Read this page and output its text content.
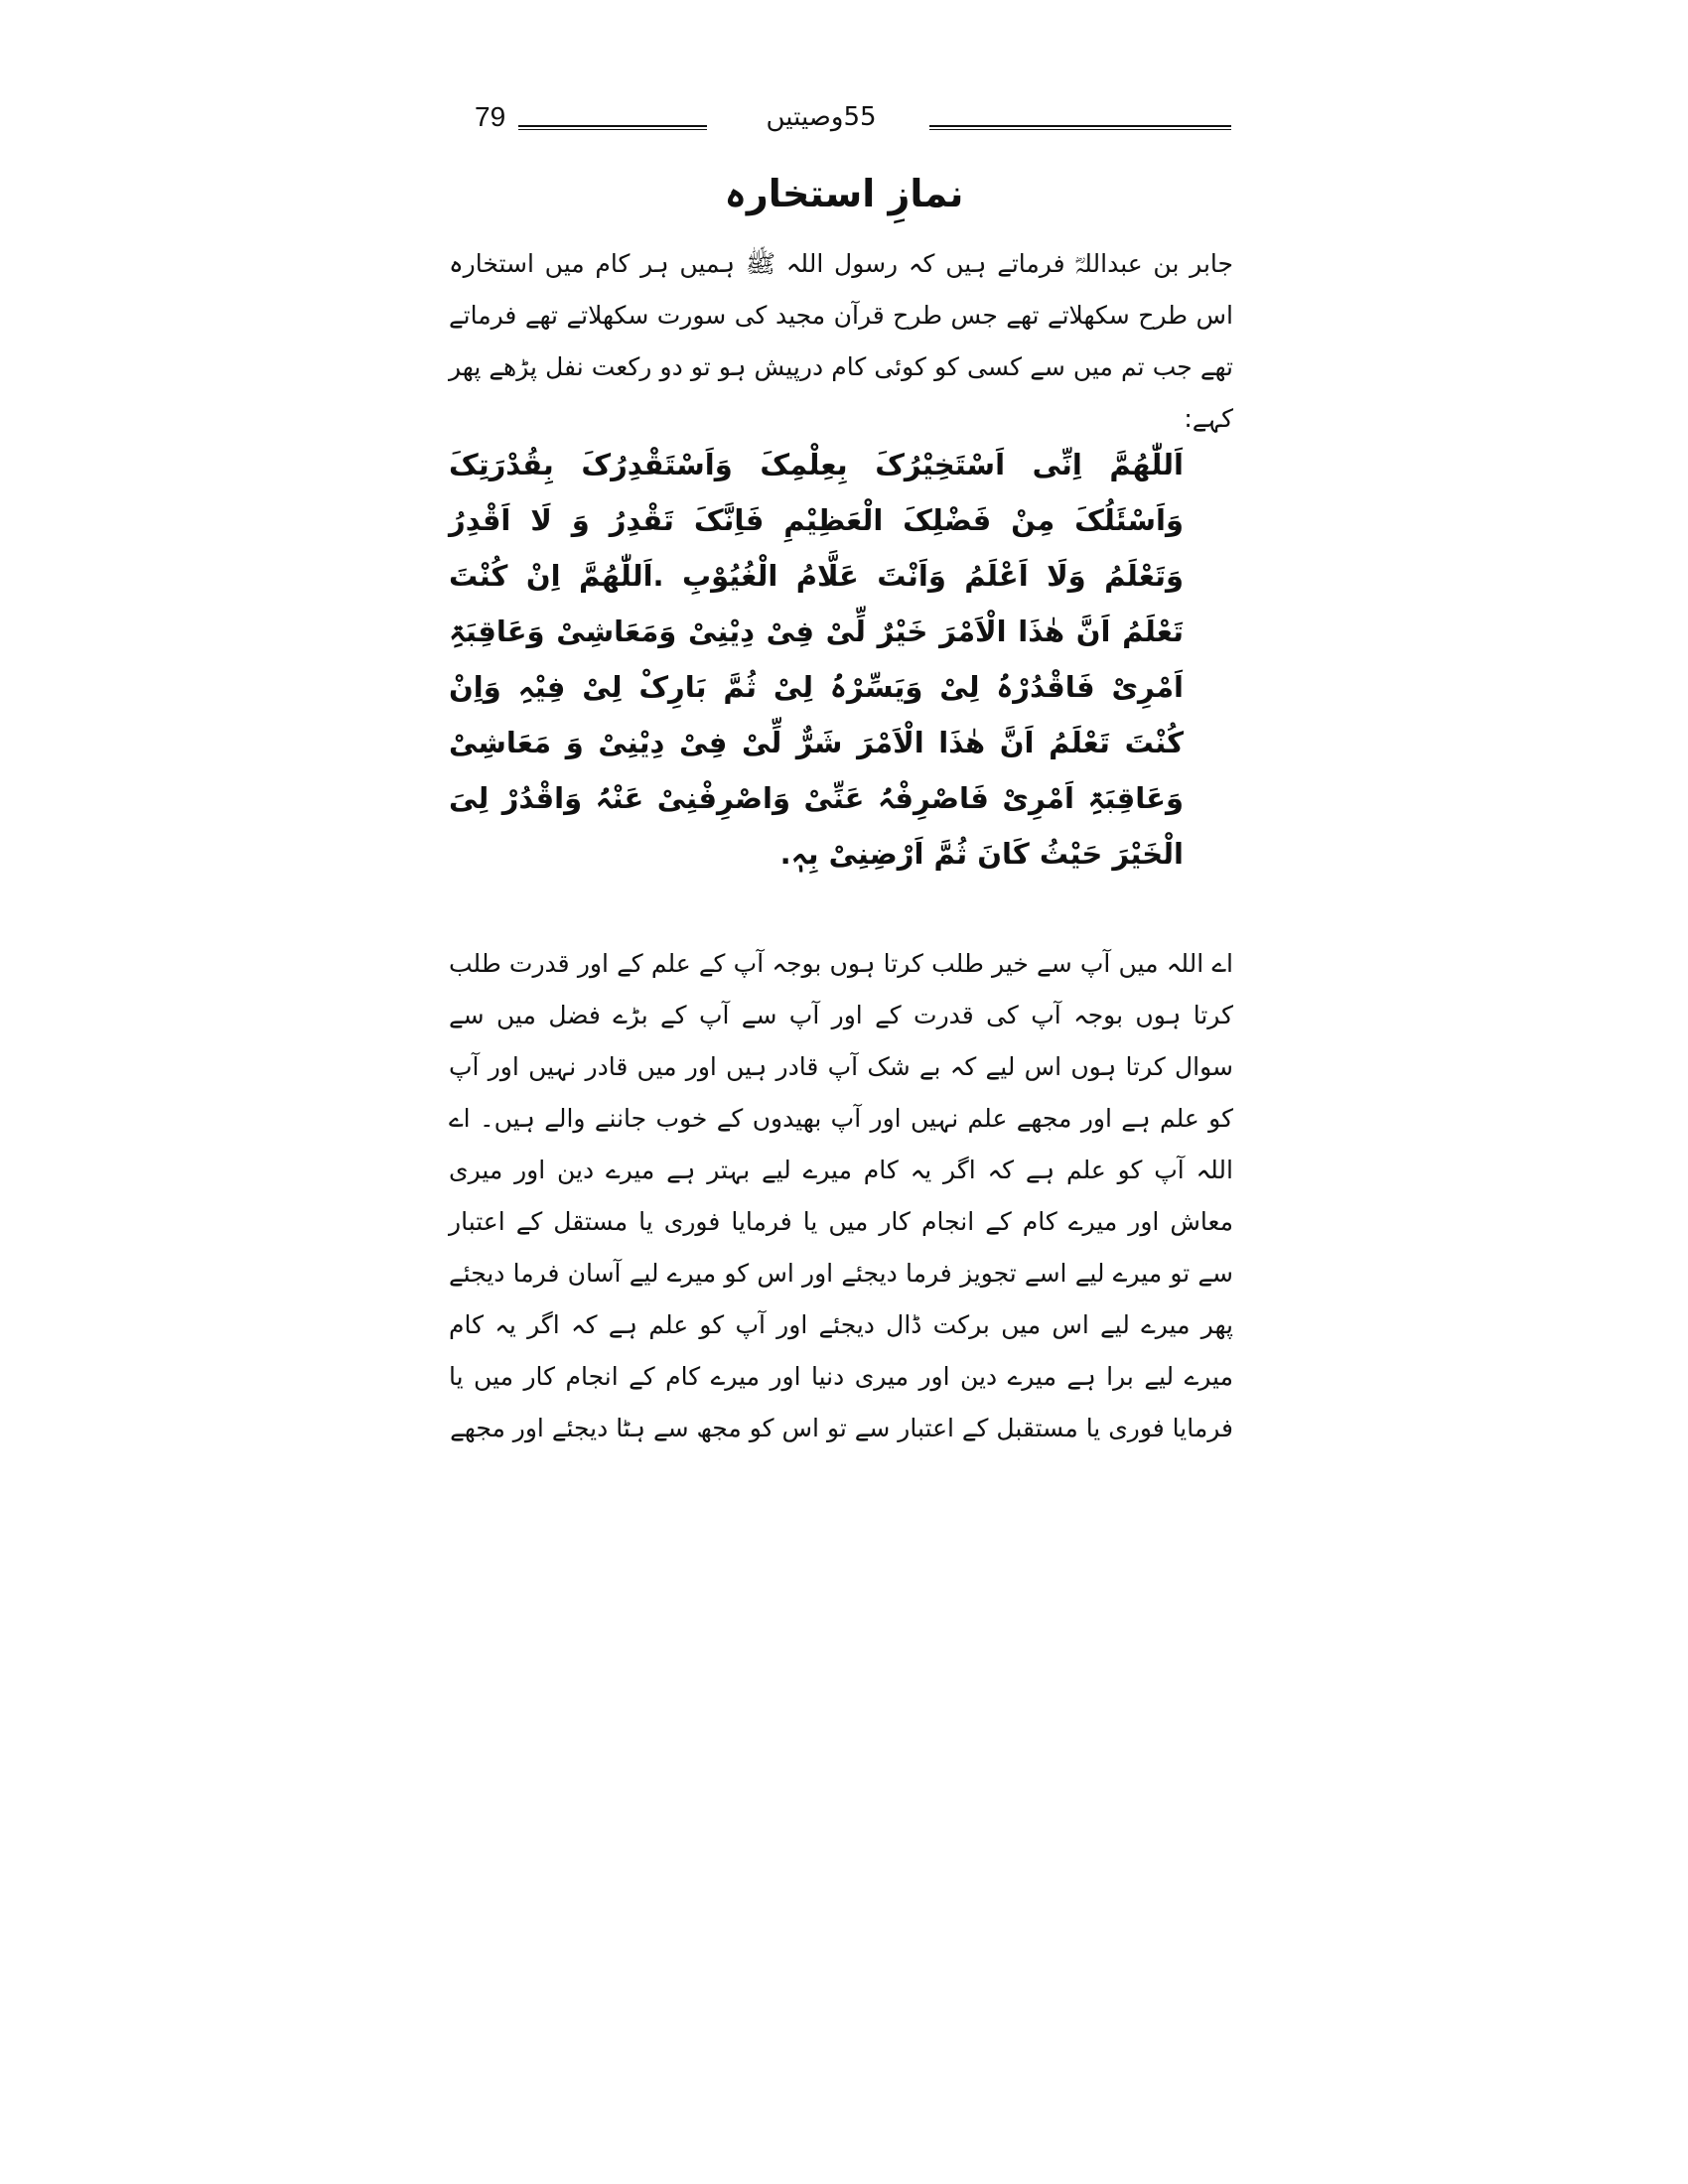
79	55وصیتیں
نمازِ استخارہ
جابر بن عبداللہؓ فرماتے ہیں کہ رسول اللہ ﷺ ہمیں ہر کام میں استخارہ اس طرح سکھلاتے تھے جس طرح قرآن مجید کی سورت سکھلاتے تھے فرماتے تھے جب تم میں سے کسی کو کوئی کام درپیش ہو تو دو رکعت نفل پڑھے پھر کہے:
اَللّٰھُمَّ اِنِّی اَسْتَخِیْرُکَ بِعِلْمِکَ وَاَسْتَقْدِرُکَ بِقُدْرَتِکَ وَاَسْئَلُکَ مِنْ فَضْلِکَ الْعَظِیْمِ فَاِنَّکَ تَقْدِرُ وَ لَا اَقْدِرُ وَتَعْلَمُ وَلَا اَعْلَمُ وَاَنْتَ عَلَّامُ الْغُیُوْبِ .اَللّٰھُمَّ اِنْ کُنْتَ تَعْلَمُ اَنَّ ھٰذَا الْاَمْرَ خَیْرٌ لِّیْ فِیْ دِیْنِیْ وَمَعَاشِیْ وَعَاقِبَۃِ اَمْرِیْ فَاقْدُرْہُ لِیْ وَیَسِّرْہُ لِیْ ثُمَّ بَارِکْ لِیْ فِیْہِ وَاِنْ کُنْتَ تَعْلَمُ اَنَّ ھٰذَا الْاَمْرَ شَرٌّ لِّیْ فِیْ دِیْنِیْ وَ مَعَاشِیْ وَعَاقِبَۃِ اَمْرِیْ فَاصْرِفْہُ عَنِّیْ وَاصْرِفْنِیْ عَنْہُ وَاقْدُرْ لِیَ الْخَیْرَ حَیْثُ کَانَ ثُمَّ اَرْضِنِیْ بِہٖ.
اے اللہ میں آپ سے خیر طلب کرتا ہوں بوجہ آپ کے علم کے اور قدرت طلب کرتا ہوں بوجہ آپ کی قدرت کے اور آپ سے آپ کے بڑے فضل میں سے سوال کرتا ہوں اس لیے کہ بے شک آپ قادر ہیں اور میں قادر نہیں اور آپ کو علم ہے اور مجھے علم نہیں اور آپ بھیدوں کے خوب جاننے والے ہیں۔ اے اللہ آپ کو علم ہے کہ اگر یہ کام میرے لیے بہتر ہے میرے دین اور میری معاش اور میرے کام کے انجام کار میں یا فرمایا فوری یا مستقل کے اعتبار سے تو میرے لیے اسے تجویز فرما دیجئے اور اس کو میرے لیے آسان فرما دیجئے پھر میرے لیے اس میں برکت ڈال دیجئے اور آپ کو علم ہے کہ اگر یہ کام میرے لیے برا ہے میرے دین اور میری دنیا اور میرے کام کے انجام کار میں یا فرمایا فوری یا مستقبل کے اعتبار سے تو اس کو مجھ سے ہٹا دیجئے اور مجھے
